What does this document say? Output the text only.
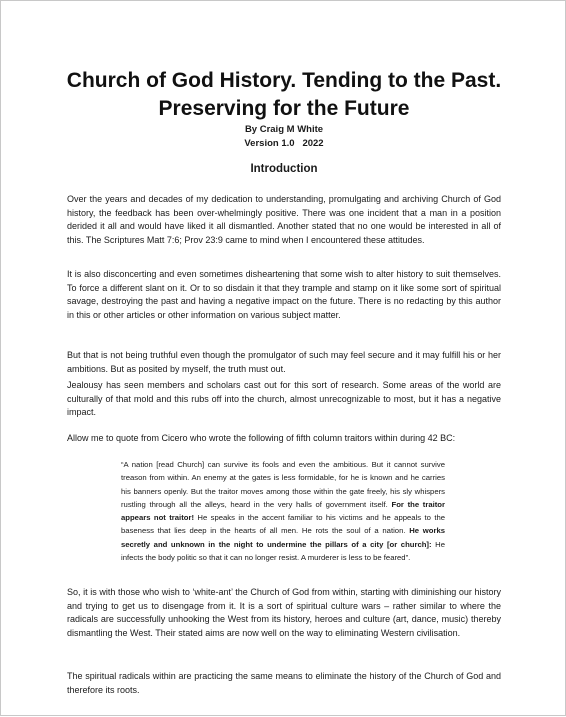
Church of God History. Tending to the Past.
Preserving for the Future
By Craig M White
Version 1.0   2022
Introduction

Over the years and decades of my dedication to understanding, promulgating and archiving Church of God history, the feedback has been over-whelmingly positive. There was one incident that a man in a position derided it all and would have liked it all dismantled. Another stated that no one would be interested in all of this. The Scriptures Matt 7:6; Prov 23:9 came to mind when I encountered these attitudes.

It is also disconcerting and even sometimes disheartening that some wish to alter history to suit themselves. To force a different slant on it. Or to so disdain it that they trample and stamp on it like some sort of spiritual savage, destroying the past and having a negative impact on the future. There is no redacting by this author in this or other articles or other information on various subject matter.

But that is not being truthful even though the promulgator of such may feel secure and it may fulfill his or her ambitions. But as posited by myself, the truth must out.

Jealousy has seen members and scholars cast out for this sort of research. Some areas of the world are culturally of that mold and this rubs off into the church, almost unrecognizable to most, but it has a negative impact.

Allow me to quote from Cicero who wrote the following of fifth column traitors within during 42 BC:

“A nation [read Church] can survive its fools and even the ambitious. But it cannot survive treason from within. An enemy at the gates is less formidable, for he is known and he carries his banners openly. But the traitor moves among those within the gate freely, his sly whispers rustling through all the alleys, heard in the very halls of government itself. For the traitor appears not traitor! He speaks in the accent familiar to his victims and he appeals to the baseness that lies deep in the hearts of all men. He rots the soul of a nation. He works secretly and unknown in the night to undermine the pillars of a city [or church]: He infects the body politic so that it can no longer resist. A murderer is less to be feared”.

So, it is with those who wish to ‘white-ant’ the Church of God from within, starting with diminishing our history and trying to get us to disengage from it. It is a sort of spiritual culture wars – rather similar to where the radicals are successfully unhooking the West from its history, heroes and culture (art, dance, music) thereby dismantling the West. Their stated aims are now well on the way to eliminating Western civilisation.

The spiritual radicals within are practicing the same means to eliminate the history of the Church of God and therefore its roots.
